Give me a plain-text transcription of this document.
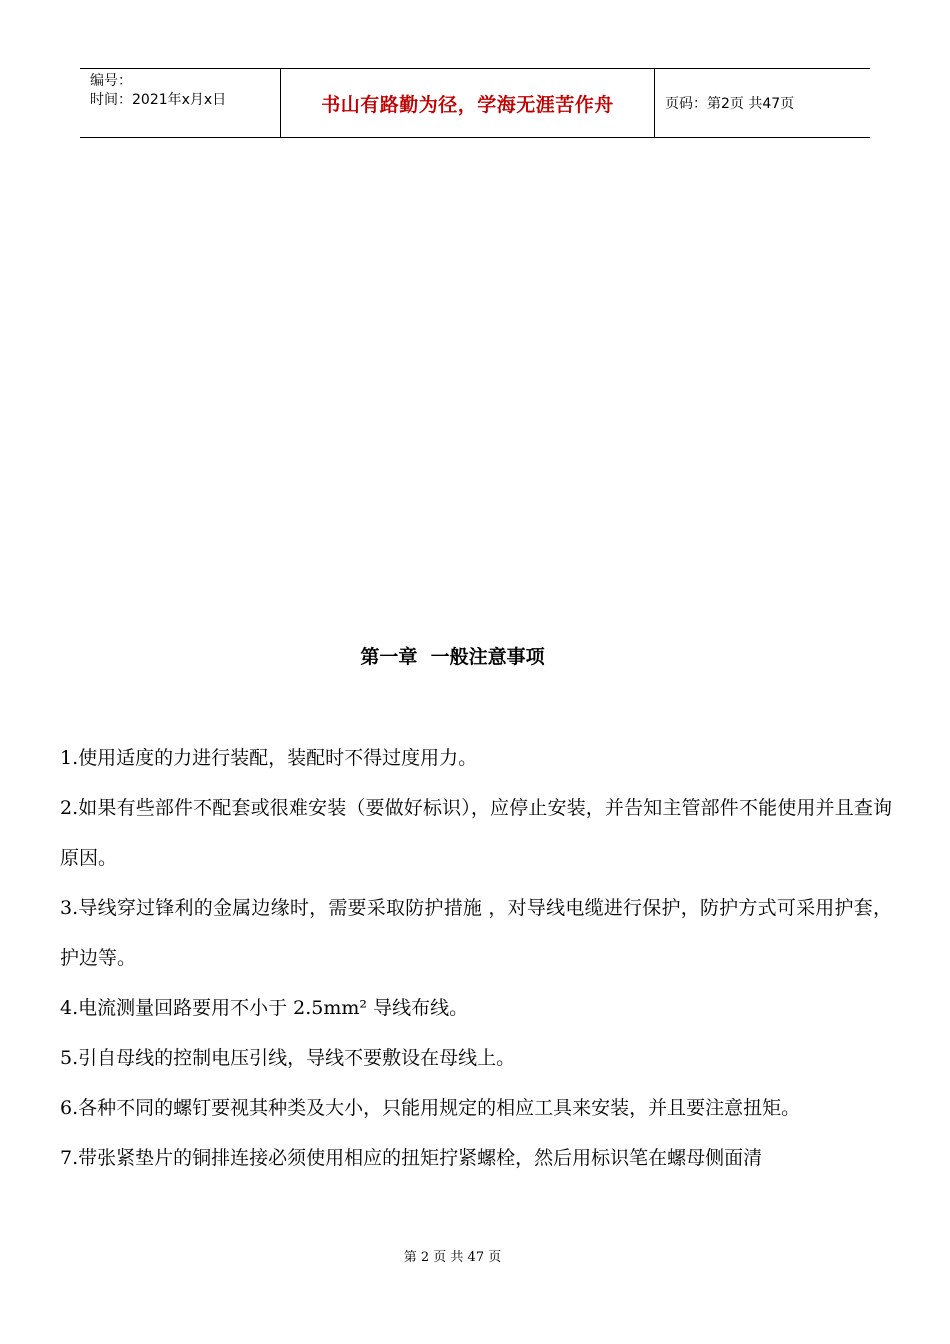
编号：
时间：2021年x月x日	书山有路勤为径，学海无涯苦作舟	页码：第2页 共47页
第一章  一般注意事项

1.使用适度的力进行装配，装配时不得过度用力。

2.如果有些部件不配套或很难安装（要做好标识），应停止安装，并告知主管部件不能使用并且查询原因。

3.导线穿过锋利的金属边缘时，需要采取防护措施 ，对导线电缆进行保护，防护方式可采用护套，护边等。

4.电流测量回路要用不小于 2.5mm² 导线布线。

5.引自母线的控制电压引线，导线不要敷设在母线上。

6.各种不同的螺钉要视其种类及大小，只能用规定的相应工具来安装，并且要注意扭矩。

7.带张紧垫片的铜排连接必须使用相应的扭矩拧紧螺栓，然后用标识笔在螺母侧面清

第 2 页 共 47 页
